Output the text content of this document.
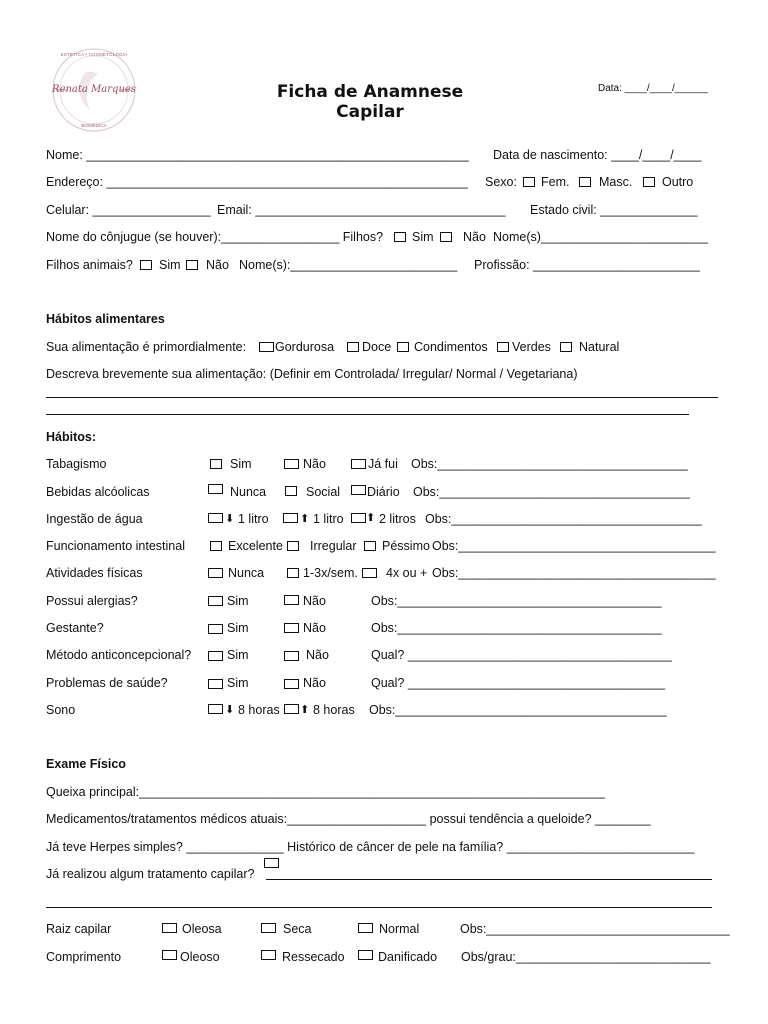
ESTÉTICA • COSMETOLOGIA
Renata Marques
BIOMÉDICA
Ficha de Anamnese
Capilar
Data: ____/____/______
Nome: _______________________________________________________ Data de nascimento: ____/____/____
Endereço: ____________________________________________________ Sexo: Fem. Masc. Outro
Celular: _________________ Email: ____________________________________ Estado civil: ______________
Nome do cônjugue (se houver):_________________ Filhos? Sim Não Nome(s)________________________
Filhos animais? Sim Não Nome(s):________________________ Profissão: ________________________
Hábitos alimentares
Sua alimentação é primordialmente: Gordurosa Doce Condimentos Verdes Natural
Descreva brevemente sua alimentação: (Definir em Controlada/ Irregular/ Normal / Vegetariana)
Hábitos:
Tabagismo	Sim	Não	Já fui Obs:____________________________________
Bebidas alcóolicas	Nunca	Social Diário Obs:____________________________________
Ingestão de água	⬇ 1 litro	⬆ 1 litro ⬆ 2 litros Obs:____________________________________
Funcionamento intestinal	Excelente Irregular Péssimo Obs:_____________________________________
Atividades físicas	Nunca	1-3x/sem. 4x ou + Obs:_____________________________________
Possui alergias?	Sim	Não	Obs:______________________________________
Gestante?	Sim	Não	Obs:______________________________________
Método anticoncepcional?	Sim	Não	Qual? ______________________________________
Problemas de saúde?	Sim	Não	Qual? _____________________________________
Sono	⬇ 8 horas ⬆ 8 horas Obs:_______________________________________
Exame Físico
Queixa principal:___________________________________________________________________
Medicamentos/tratamentos médicos atuais:____________________ possui tendência a queloide? ________
Já teve Herpes simples? ______________ Histórico de câncer de pele na família? ___________________________
Já realizou algum tratamento capilar?
Raiz capilar	Oleosa	Seca	Normal	Obs:___________________________________
Comprimento	Oleoso	Ressecado	Danificado Obs/grau:____________________________
